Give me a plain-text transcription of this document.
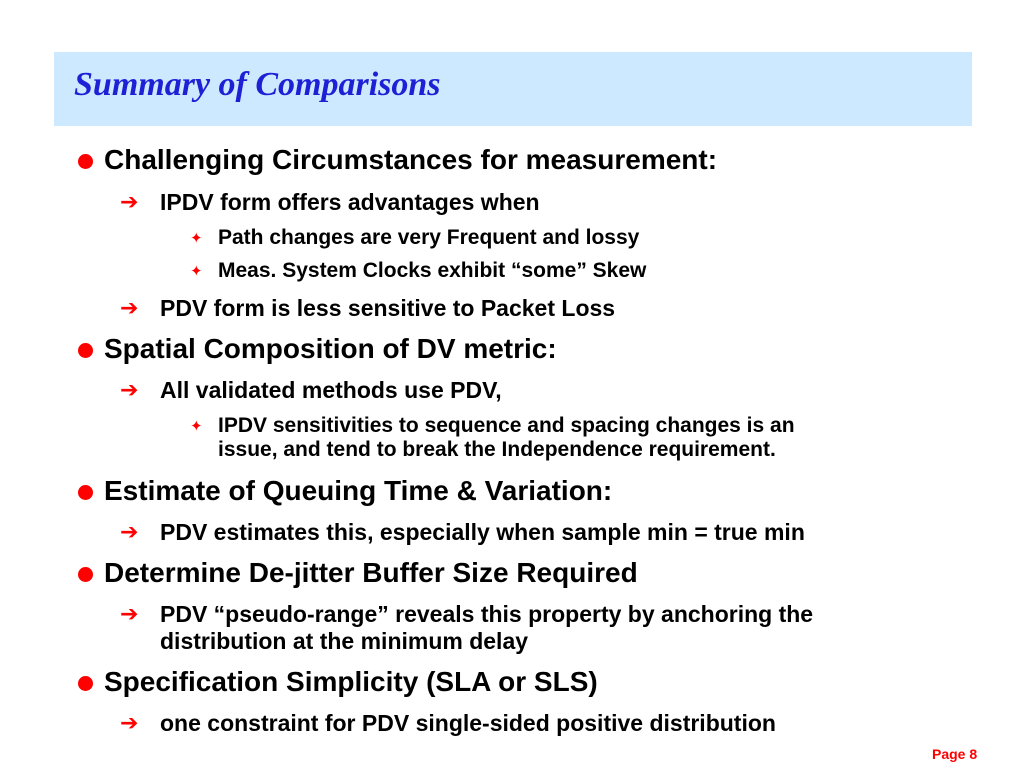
Summary of Comparisons
Challenging Circumstances for measurement:
➔ IPDV form offers advantages when
✦ Path changes are very Frequent and lossy
✦ Meas. System Clocks exhibit “some” Skew
➔ PDV form is less sensitive to Packet Loss
Spatial Composition of DV metric:
➔ All validated methods use PDV,
✦ IPDV sensitivities to sequence and spacing changes is an
issue, and tend to break the Independence requirement.
Estimate of Queuing Time & Variation:
➔ PDV estimates this, especially when sample min = true min
Determine De-jitter Buffer Size Required
➔ PDV “pseudo-range” reveals this property by anchoring the
distribution at the minimum delay
Specification Simplicity (SLA or SLS)
➔ one constraint for PDV single-sided positive distribution
Page 8
